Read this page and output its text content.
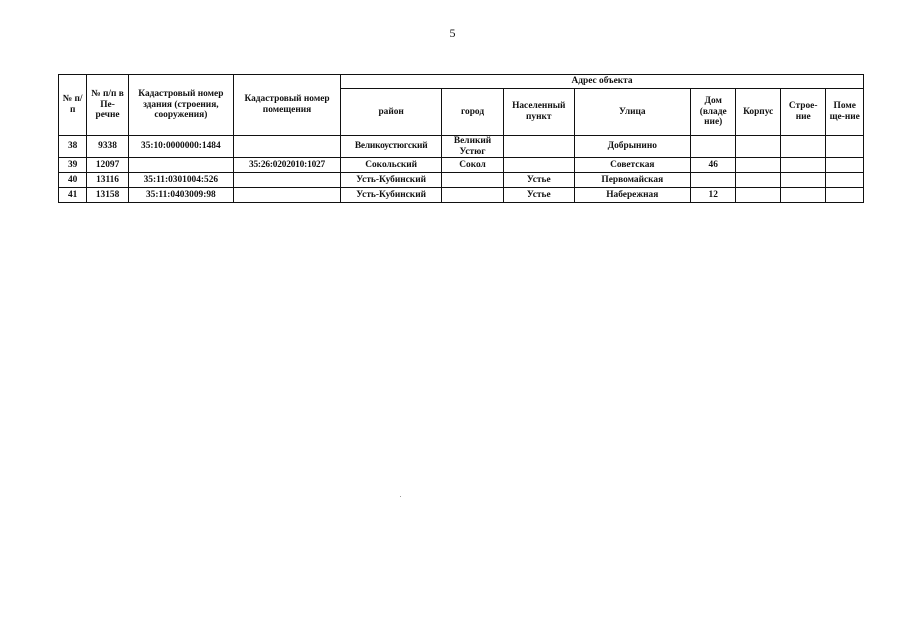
5
№ п/п	№ п/п в Пе-речне	Кадастровый номер здания (строения, сооружения)	Кадастровый номер помещения	Адрес объекта							
				район	город	Населенный пункт	Улица	Дом (владе ние)	Корпус	Строе-ние	Поме ще-ние
38	9338	35:10:0000000:1484		Великоустюгский	Великий Устюг		Добрынино				
39	12097		35:26:0202010:1027	Сокольский	Сокол		Советская	46			
40	13116	35:11:0301004:526		Усть-Кубинский		Устье	Первомайская				
41	13158	35:11:0403009:98		Усть-Кубинский		Устье	Набережная	12			
